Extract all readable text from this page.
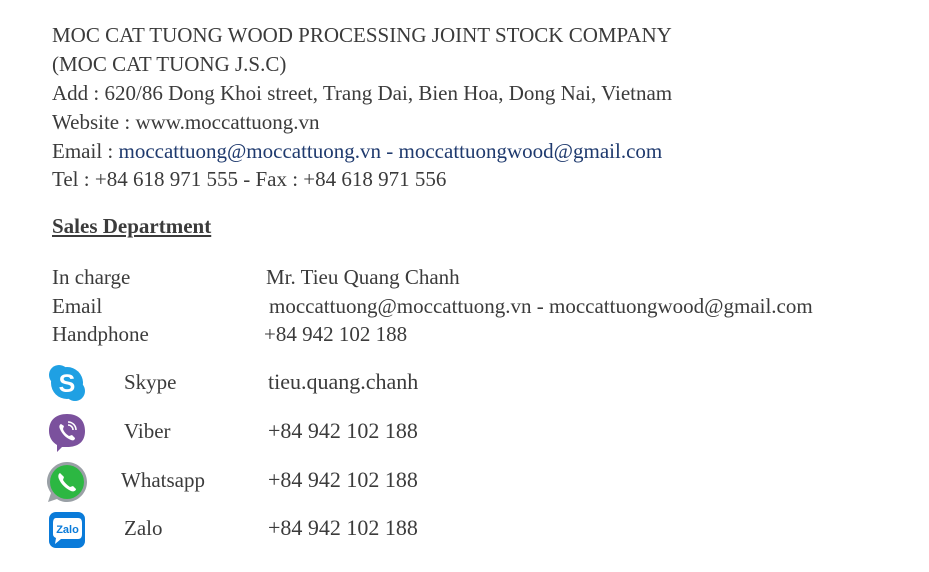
MOC CAT TUONG WOOD PROCESSING JOINT STOCK COMPANY
(MOC CAT TUONG J.S.C)
Add : 620/86 Dong Khoi street, Trang Dai, Bien Hoa, Dong Nai, Vietnam
Website : www.moccattuong.vn
Email : moccattuong@moccattuong.vn - moccattuongwood@gmail.com
Tel : +84 618 971 555 - Fax : +84 618 971 556
Sales Department
In charge	Mr. Tieu Quang Chanh
Email	moccattuong@moccattuong.vn - moccattuongwood@gmail.com
Handphone	+84 942 102 188
S Skype	tieu.quang.chanh
Viber	+84 942 102 188
Whatsapp	+84 942 102 188
Zalo Zalo	+84 942 102 188
